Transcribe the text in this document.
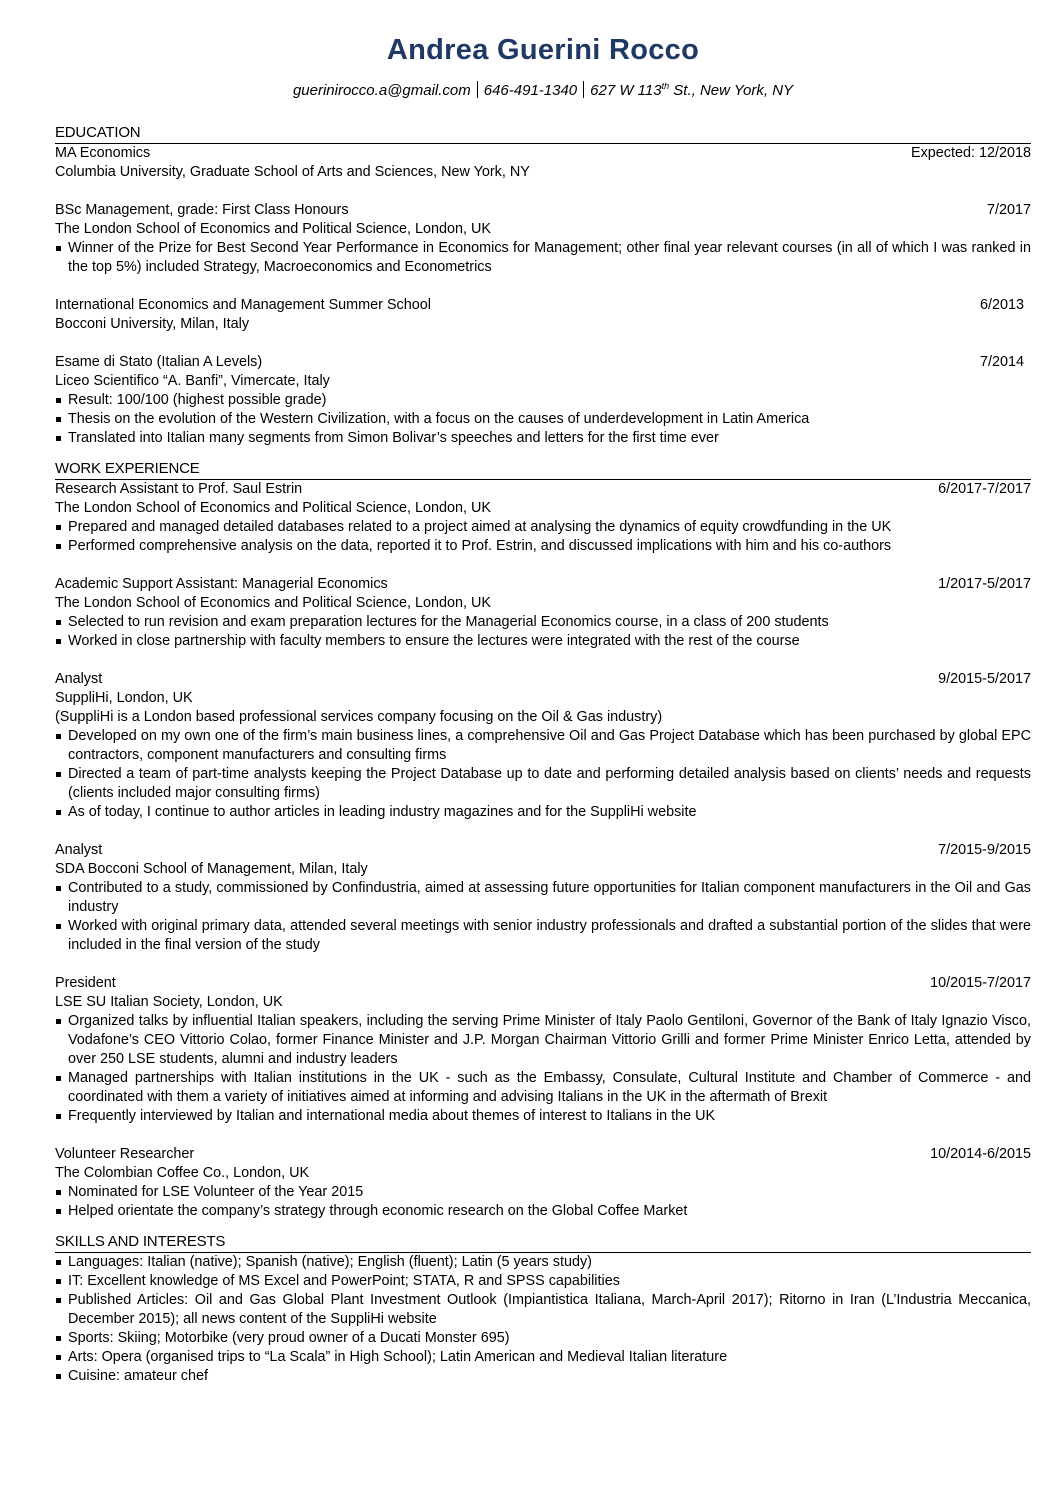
Andrea Guerini Rocco
guerinirocco.a@gmail.com 646-491-1340 627 W 113th St., New York, NY
EDUCATION
MA Economics	Expected: 12/2018
Columbia University, Graduate School of Arts and Sciences, New York, NY
BSc Management, grade: First Class Honours	7/2017
The London School of Economics and Political Science, London, UK
Winner of the Prize for Best Second Year Performance in Economics for Management; other final year relevant courses (in all of which I was ranked in the top 5%) included Strategy, Macroeconomics and Econometrics
International Economics and Management Summer School	6/2013
Bocconi University, Milan, Italy
Esame di Stato (Italian A Levels)	7/2014
Liceo Scientifico “A. Banfi”, Vimercate, Italy
Result: 100/100 (highest possible grade)
Thesis on the evolution of the Western Civilization, with a focus on the causes of underdevelopment in Latin America
Translated into Italian many segments from Simon Bolivar’s speeches and letters for the first time ever
WORK EXPERIENCE
Research Assistant to Prof. Saul Estrin	6/2017-7/2017
The London School of Economics and Political Science, London, UK
Prepared and managed detailed databases related to a project aimed at analysing the dynamics of equity crowdfunding in the UK
Performed comprehensive analysis on the data, reported it to Prof. Estrin, and discussed implications with him and his co-authors
Academic Support Assistant: Managerial Economics	1/2017-5/2017
The London School of Economics and Political Science, London, UK
Selected to run revision and exam preparation lectures for the Managerial Economics course, in a class of 200 students
Worked in close partnership with faculty members to ensure the lectures were integrated with the rest of the course
Analyst	9/2015-5/2017
SuppliHi, London, UK
(SuppliHi is a London based professional services company focusing on the Oil & Gas industry)
Developed on my own one of the firm’s main business lines, a comprehensive Oil and Gas Project Database which has been purchased by global EPC contractors, component manufacturers and consulting firms
Directed a team of part-time analysts keeping the Project Database up to date and performing detailed analysis based on clients’ needs and requests (clients included major consulting firms)
As of today, I continue to author articles in leading industry magazines and for the SuppliHi website
Analyst	7/2015-9/2015
SDA Bocconi School of Management, Milan, Italy
Contributed to a study, commissioned by Confindustria, aimed at assessing future opportunities for Italian component manufacturers in the Oil and Gas industry
Worked with original primary data, attended several meetings with senior industry professionals and drafted a substantial portion of the slides that were included in the final version of the study
President	10/2015-7/2017
LSE SU Italian Society, London, UK
Organized talks by influential Italian speakers, including the serving Prime Minister of Italy Paolo Gentiloni, Governor of the Bank of Italy Ignazio Visco, Vodafone’s CEO Vittorio Colao, former Finance Minister and J.P. Morgan Chairman Vittorio Grilli and former Prime Minister Enrico Letta, attended by over 250 LSE students, alumni and industry leaders
Managed partnerships with Italian institutions in the UK - such as the Embassy, Consulate, Cultural Institute and Chamber of Commerce - and coordinated with them a variety of initiatives aimed at informing and advising Italians in the UK in the aftermath of Brexit
Frequently interviewed by Italian and international media about themes of interest to Italians in the UK
Volunteer Researcher	10/2014-6/2015
The Colombian Coffee Co., London, UK
Nominated for LSE Volunteer of the Year 2015
Helped orientate the company’s strategy through economic research on the Global Coffee Market
SKILLS AND INTERESTS
Languages: Italian (native); Spanish (native); English (fluent); Latin (5 years study)
IT: Excellent knowledge of MS Excel and PowerPoint; STATA, R and SPSS capabilities
Published Articles: Oil and Gas Global Plant Investment Outlook (Impiantistica Italiana, March-April 2017); Ritorno in Iran (L’Industria Meccanica, December 2015); all news content of the SuppliHi website
Sports: Skiing; Motorbike (very proud owner of a Ducati Monster 695)
Arts: Opera (organised trips to “La Scala” in High School); Latin American and Medieval Italian literature
Cuisine: amateur chef
